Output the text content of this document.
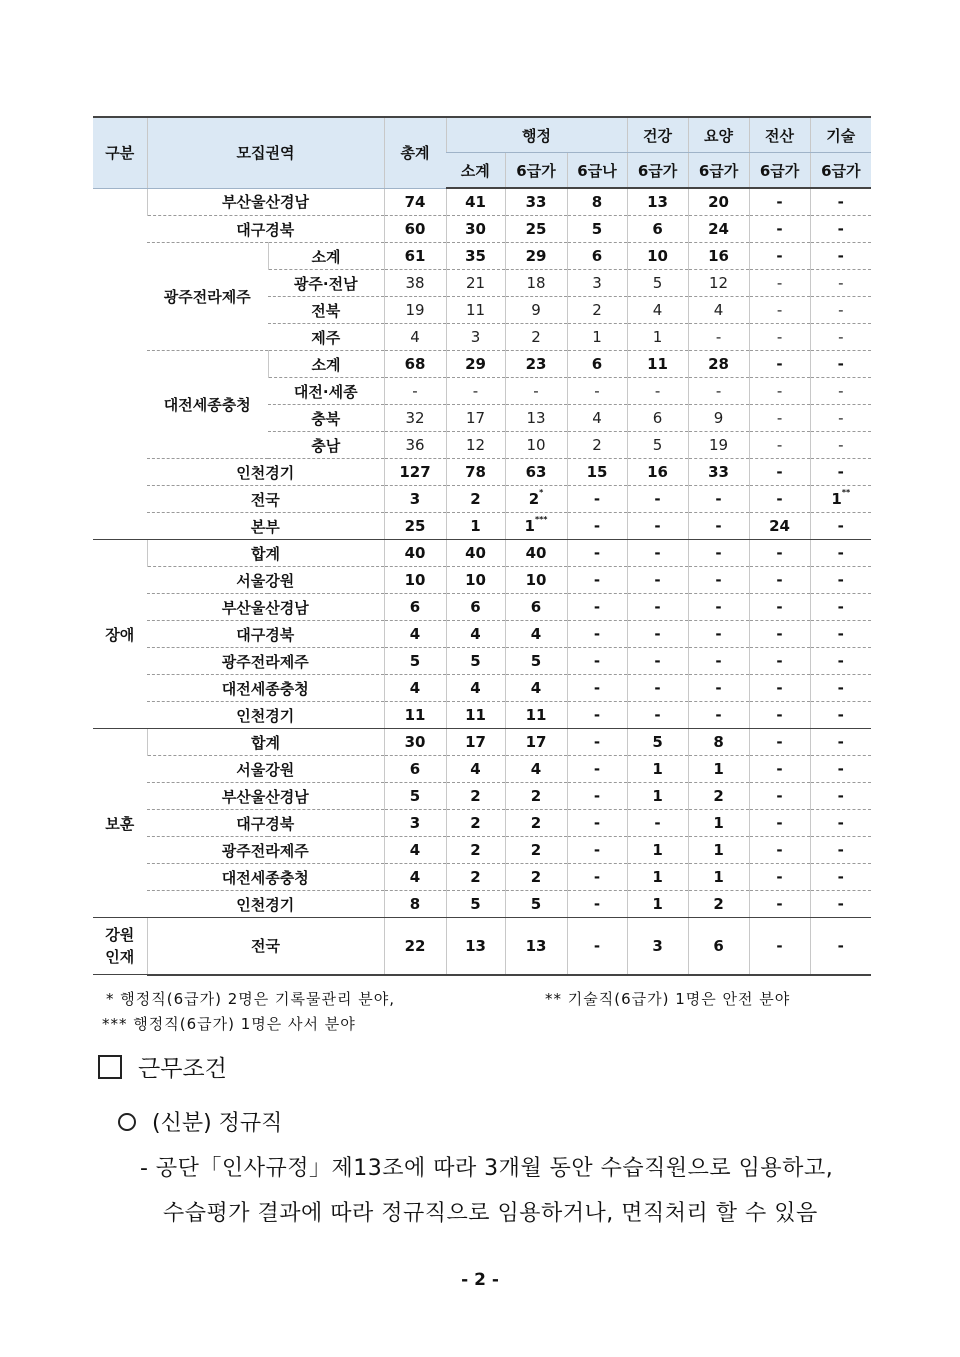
구분	모집권역		총계	행정			건강	요양	전산	기술
				소계	6급가	6급나	6급가	6급가	6급가	6급가
	부산울산경남		74	41	33	8	13	20	-	-
	대구경북		60	30	25	5	6	24	-	-
	광주전라제주	소계	61	35	29	6	10	16	-	-
		광주·전남	38	21	18	3	5	12	-	-
		전북	19	11	9	2	4	4	-	-
		제주	4	3	2	1	1	-	-	-
	대전세종충청	소계	68	29	23	6	11	28	-	-
		대전·세종	-	-	-	-	-	-	-	-
		충북	32	17	13	4	6	9	-	-
		충남	36	12	10	2	5	19	-	-
	인천경기		127	78	63	15	16	33	-	-
	전국		3	2	2*	-	-	-	-	1**
	본부		25	1	1***	-	-	-	24	-
장애	합계		40	40	40	-	-	-	-	-
	서울강원		10	10	10	-	-	-	-	-
	부산울산경남		6	6	6	-	-	-	-	-
	대구경북		4	4	4	-	-	-	-	-
	광주전라제주		5	5	5	-	-	-	-	-
	대전세종충청		4	4	4	-	-	-	-	-
	인천경기		11	11	11	-	-	-	-	-
보훈	합계		30	17	17	-	5	8	-	-
	서울강원		6	4	4	-	1	1	-	-
	부산울산경남		5	2	2	-	1	2	-	-
	대구경북		3	2	2	-	-	1	-	-
	광주전라제주		4	2	2	-	1	1	-	-
	대전세종충청		4	2	2	-	1	1	-	-
	인천경기		8	5	5	-	1	2	-	-

강원
인재	전국		22	13	13	-	3	6	-	-
* 행정직(6급가) 2명은 기록물관리 분야,	** 기술직(6급가) 1명은 안전 분야
*** 행정직(6급가) 1명은 사서 분야
근무조건
(신분) 정규직
- 공단「인사규정」제13조에 따라 3개월 동안 수습직원으로 임용하고,
수습평가 결과에 따라 정규직으로 임용하거나, 면직처리 할 수 있음
- 2 -
